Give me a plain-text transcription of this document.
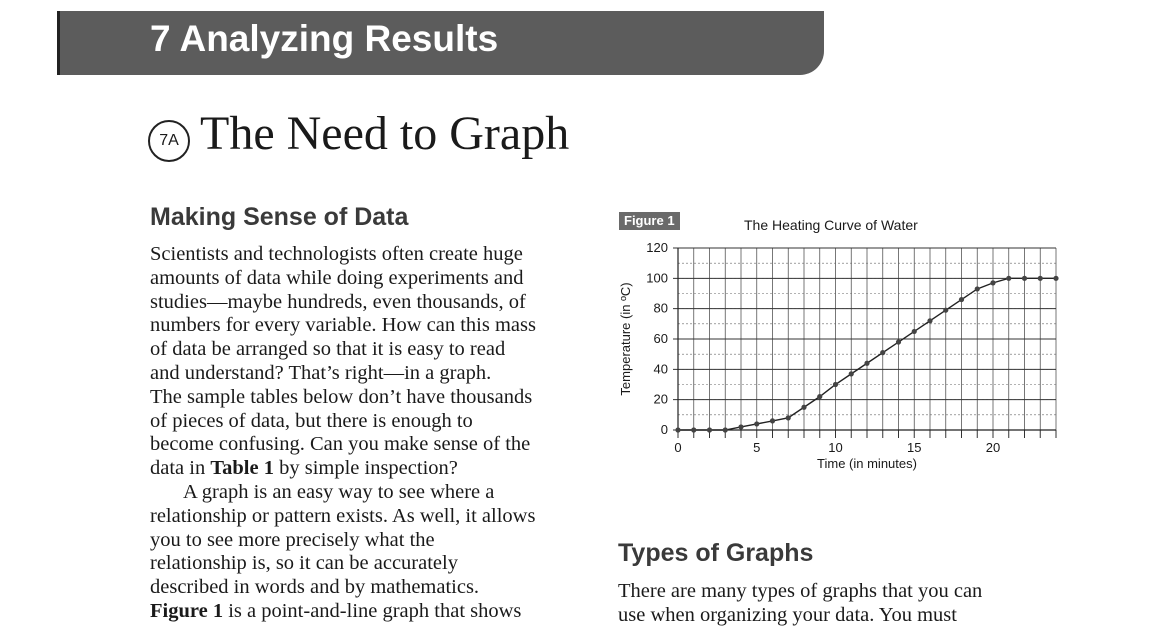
7 Analyzing Results
7A The Need to Graph
Making Sense of Data
Scientists and technologists often create huge
amounts of data while doing experiments and
studies—maybe hundreds, even thousands, of
numbers for every variable. How can this mass
of data be arranged so that it is easy to read
and understand? That’s right—in a graph.
The sample tables below don’t have thousands
of pieces of data, but there is enough to
become confusing. Can you make sense of the
data in Table 1 by simple inspection?
A graph is an easy way to see where a
relationship or pattern exists. As well, it allows
you to see more precisely what the
relationship is, so it can be accurately
described in words and by mathematics.
Figure 1 is a point-and-line graph that shows
Figure 1	The Heating Curve of Water
0
20
40
60
80
100
120
0	5	10	15	20
Time (in minutes)
Temperature (in ºC)
Types of Graphs
There are many types of graphs that you can
use when organizing your data. You must
